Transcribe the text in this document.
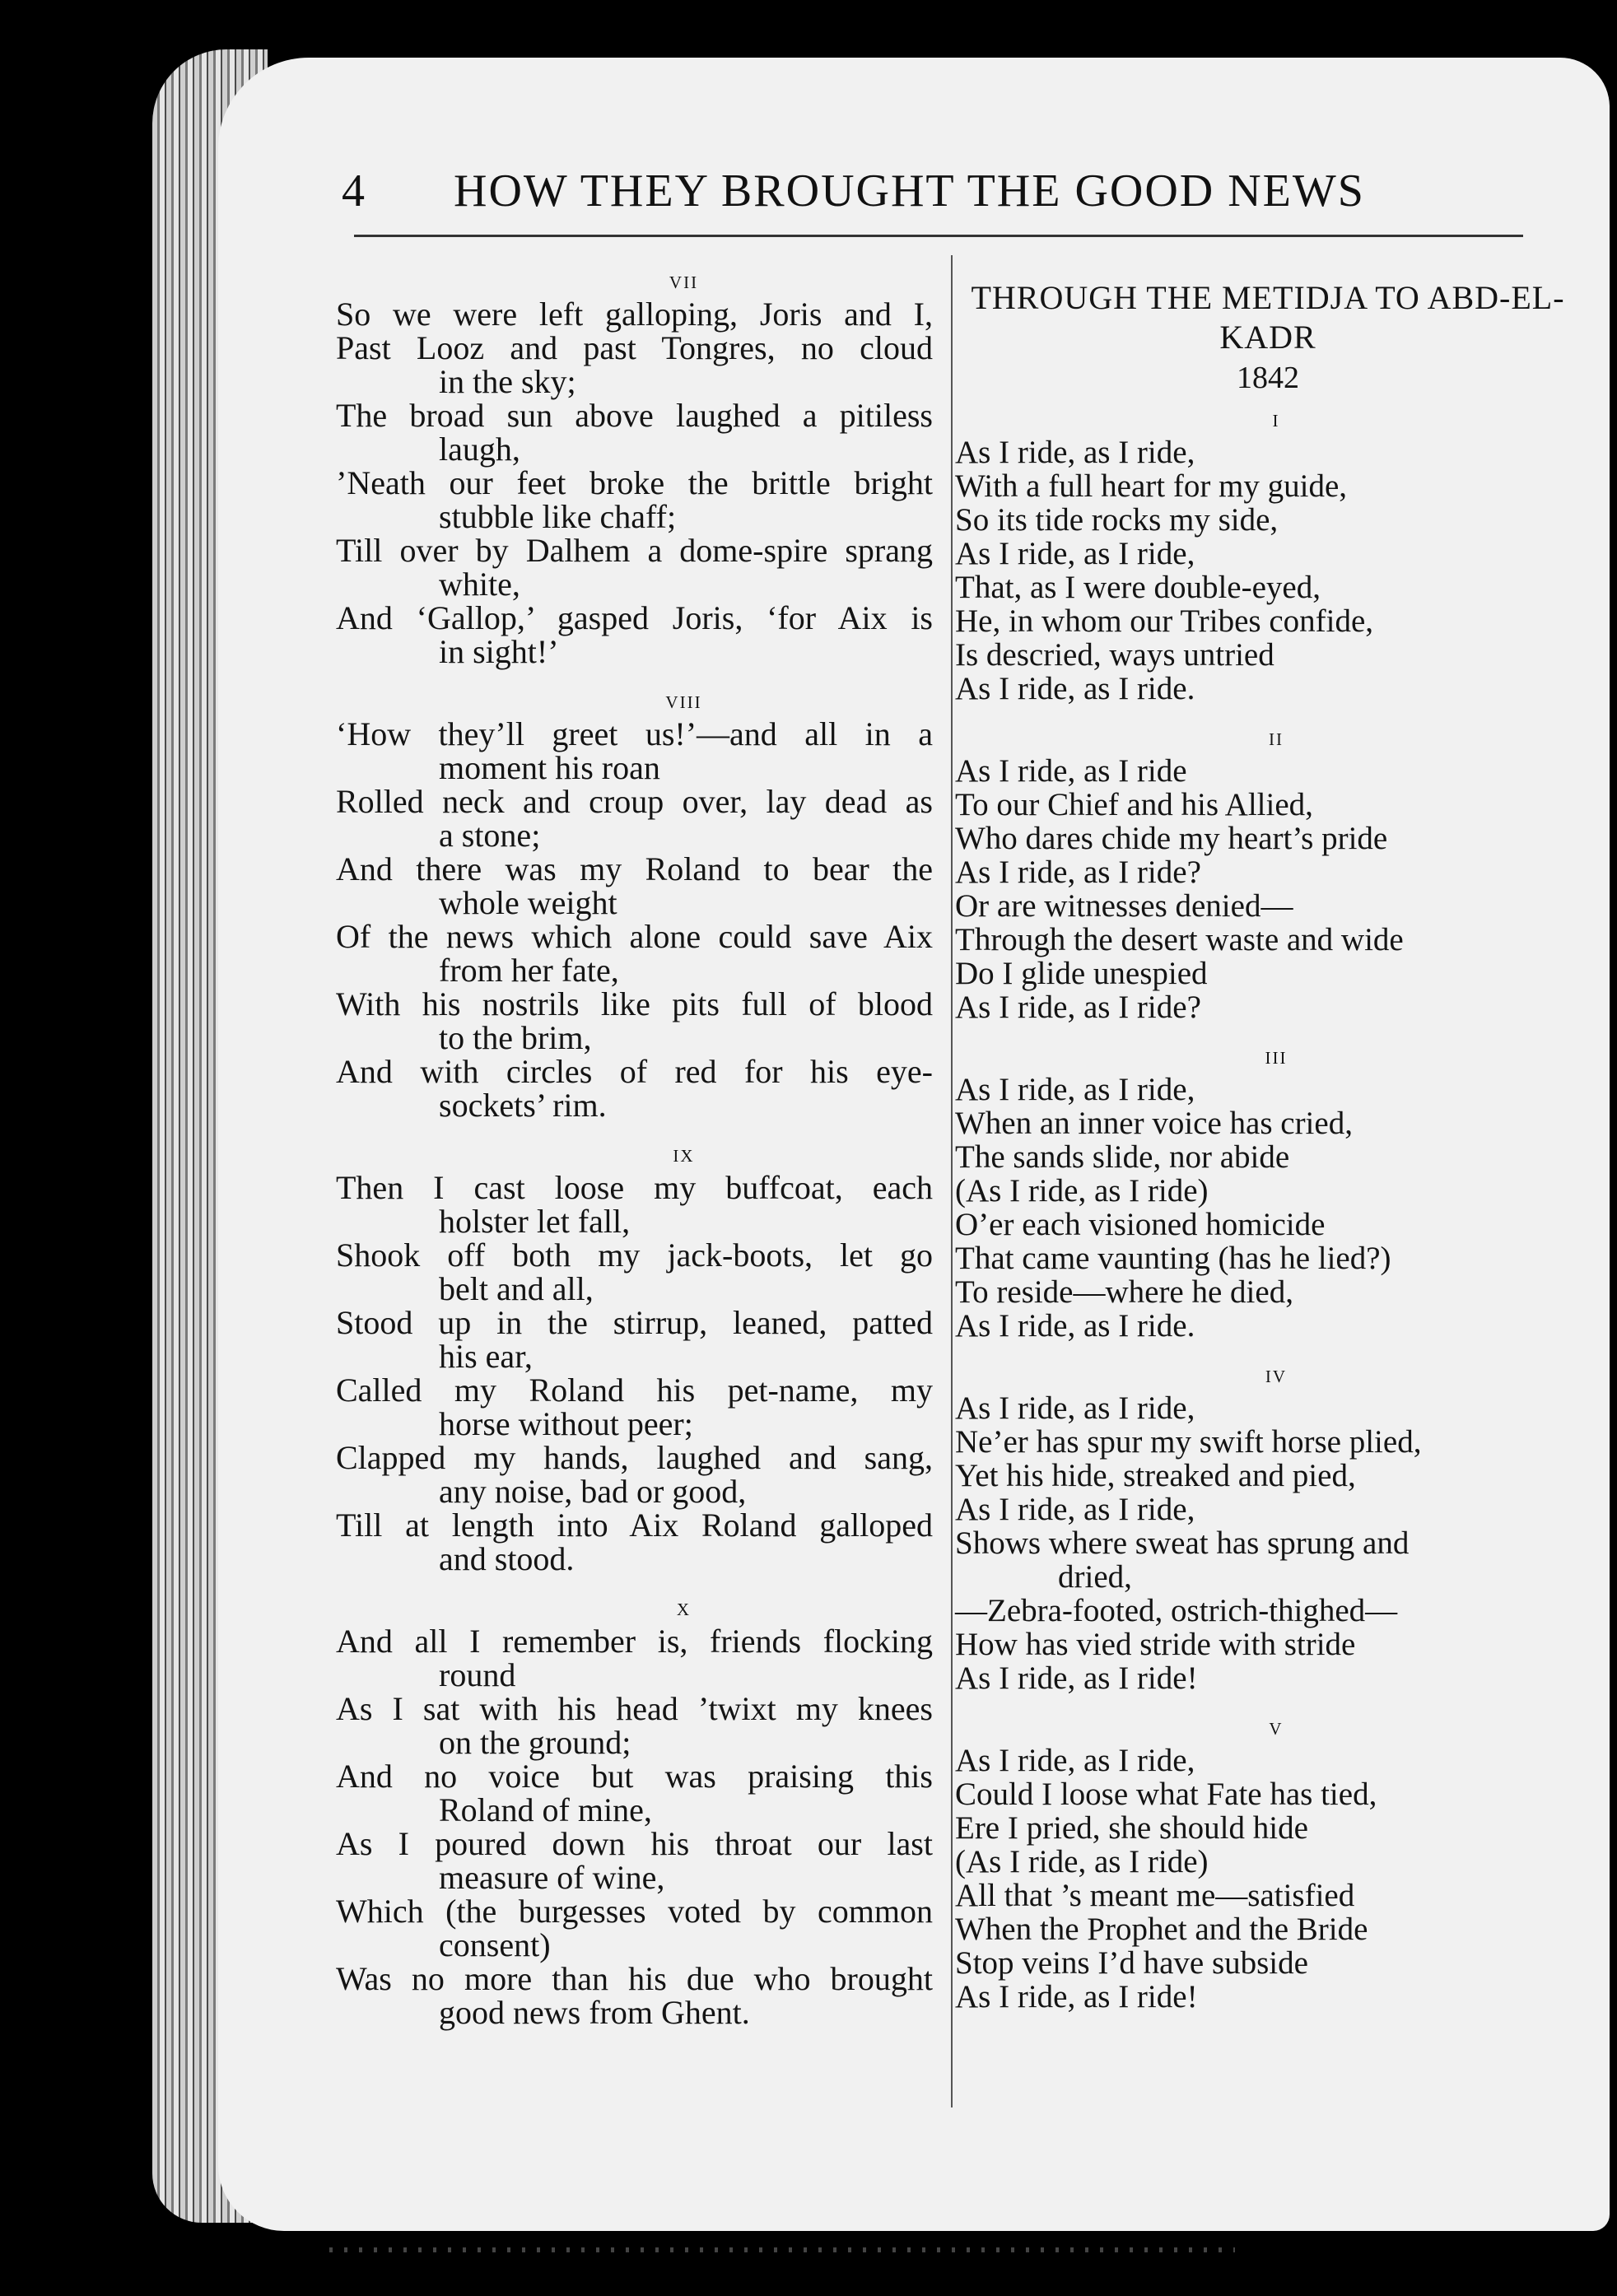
4 HOW THEY BROUGHT THE GOOD NEWS
vii
So we were left galloping, Joris and I,
Past Looz and past Tongres, no cloud
in the sky;
The broad sun above laughed a pitiless
laugh,
’Neath our feet broke the brittle bright
stubble like chaff;
Till over by Dalhem a dome-spire sprang
white,
And ‘Gallop,’ gasped Joris, ‘for Aix is
in sight!’
viii
‘How they’ll greet us!’—and all in a
moment his roan
Rolled neck and croup over, lay dead as
a stone;
And there was my Roland to bear the
whole weight
Of the news which alone could save Aix
from her fate,
With his nostrils like pits full of blood
to the brim,
And with circles of red for his eye-
sockets’ rim.
ix
Then I cast loose my buffcoat, each
holster let fall,
Shook off both my jack-boots, let go
belt and all,
Stood up in the stirrup, leaned, patted
his ear,
Called my Roland his pet-name, my
horse without peer;
Clapped my hands, laughed and sang,
any noise, bad or good,
Till at length into Aix Roland galloped
and stood.
x
And all I remember is, friends flocking
round
As I sat with his head ’twixt my knees
on the ground;
And no voice but was praising this
Roland of mine,
As I poured down his throat our last
measure of wine,
Which (the burgesses voted by common
consent)
Was no more than his due who brought
good news from Ghent.
THROUGH THE METIDJA TO ABD-EL-KADR
1842
i
As I ride, as I ride,
With a full heart for my guide,
So its tide rocks my side,
As I ride, as I ride,
That, as I were double-eyed,
He, in whom our Tribes confide,
Is descried, ways untried
As I ride, as I ride.
ii
As I ride, as I ride
To our Chief and his Allied,
Who dares chide my heart’s pride
As I ride, as I ride?
Or are witnesses denied—
Through the desert waste and wide
Do I glide unespied
As I ride, as I ride?
iii
As I ride, as I ride,
When an inner voice has cried,
The sands slide, nor abide
(As I ride, as I ride)
O’er each visioned homicide
That came vaunting (has he lied?)
To reside—where he died,
As I ride, as I ride.
iv
As I ride, as I ride,
Ne’er has spur my swift horse plied,
Yet his hide, streaked and pied,
As I ride, as I ride,
Shows where sweat has sprung and
dried,
—Zebra-footed, ostrich-thighed—
How has vied stride with stride
As I ride, as I ride!
v
As I ride, as I ride,
Could I loose what Fate has tied,
Ere I pried, she should hide
(As I ride, as I ride)
All that ’s meant me—satisfied
When the Prophet and the Bride
Stop veins I’d have subside
As I ride, as I ride!
